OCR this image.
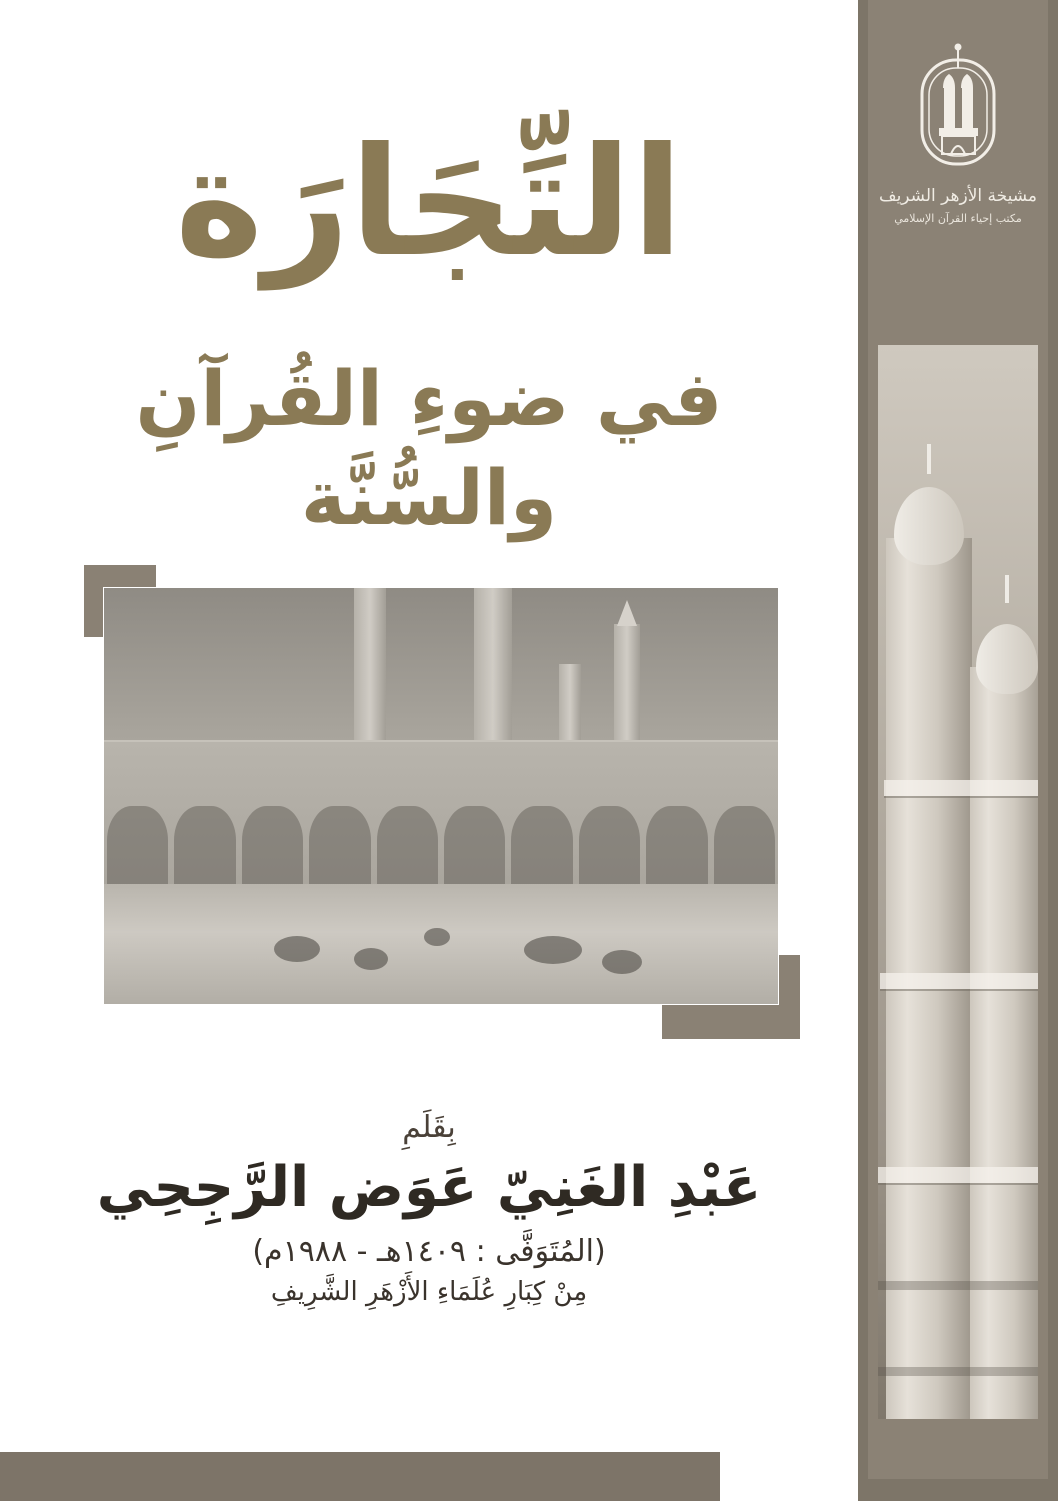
التِّجَارَة
في ضوءِ القُرآنِ والسُّنَّة
بِقَلَمِ
عَبْدِ الغَنِيّ عَوَض الرَّجِحِي
(المُتَوَفَّى : ١٤٠٩هـ - ١٩٨٨م)
مِنْ كِبَارِ عُلَمَاءِ الأَزْهَرِ الشَّرِيفِ
مشيخة الأزهر الشريف
مكتب إحياء القرآن الإسلامي
